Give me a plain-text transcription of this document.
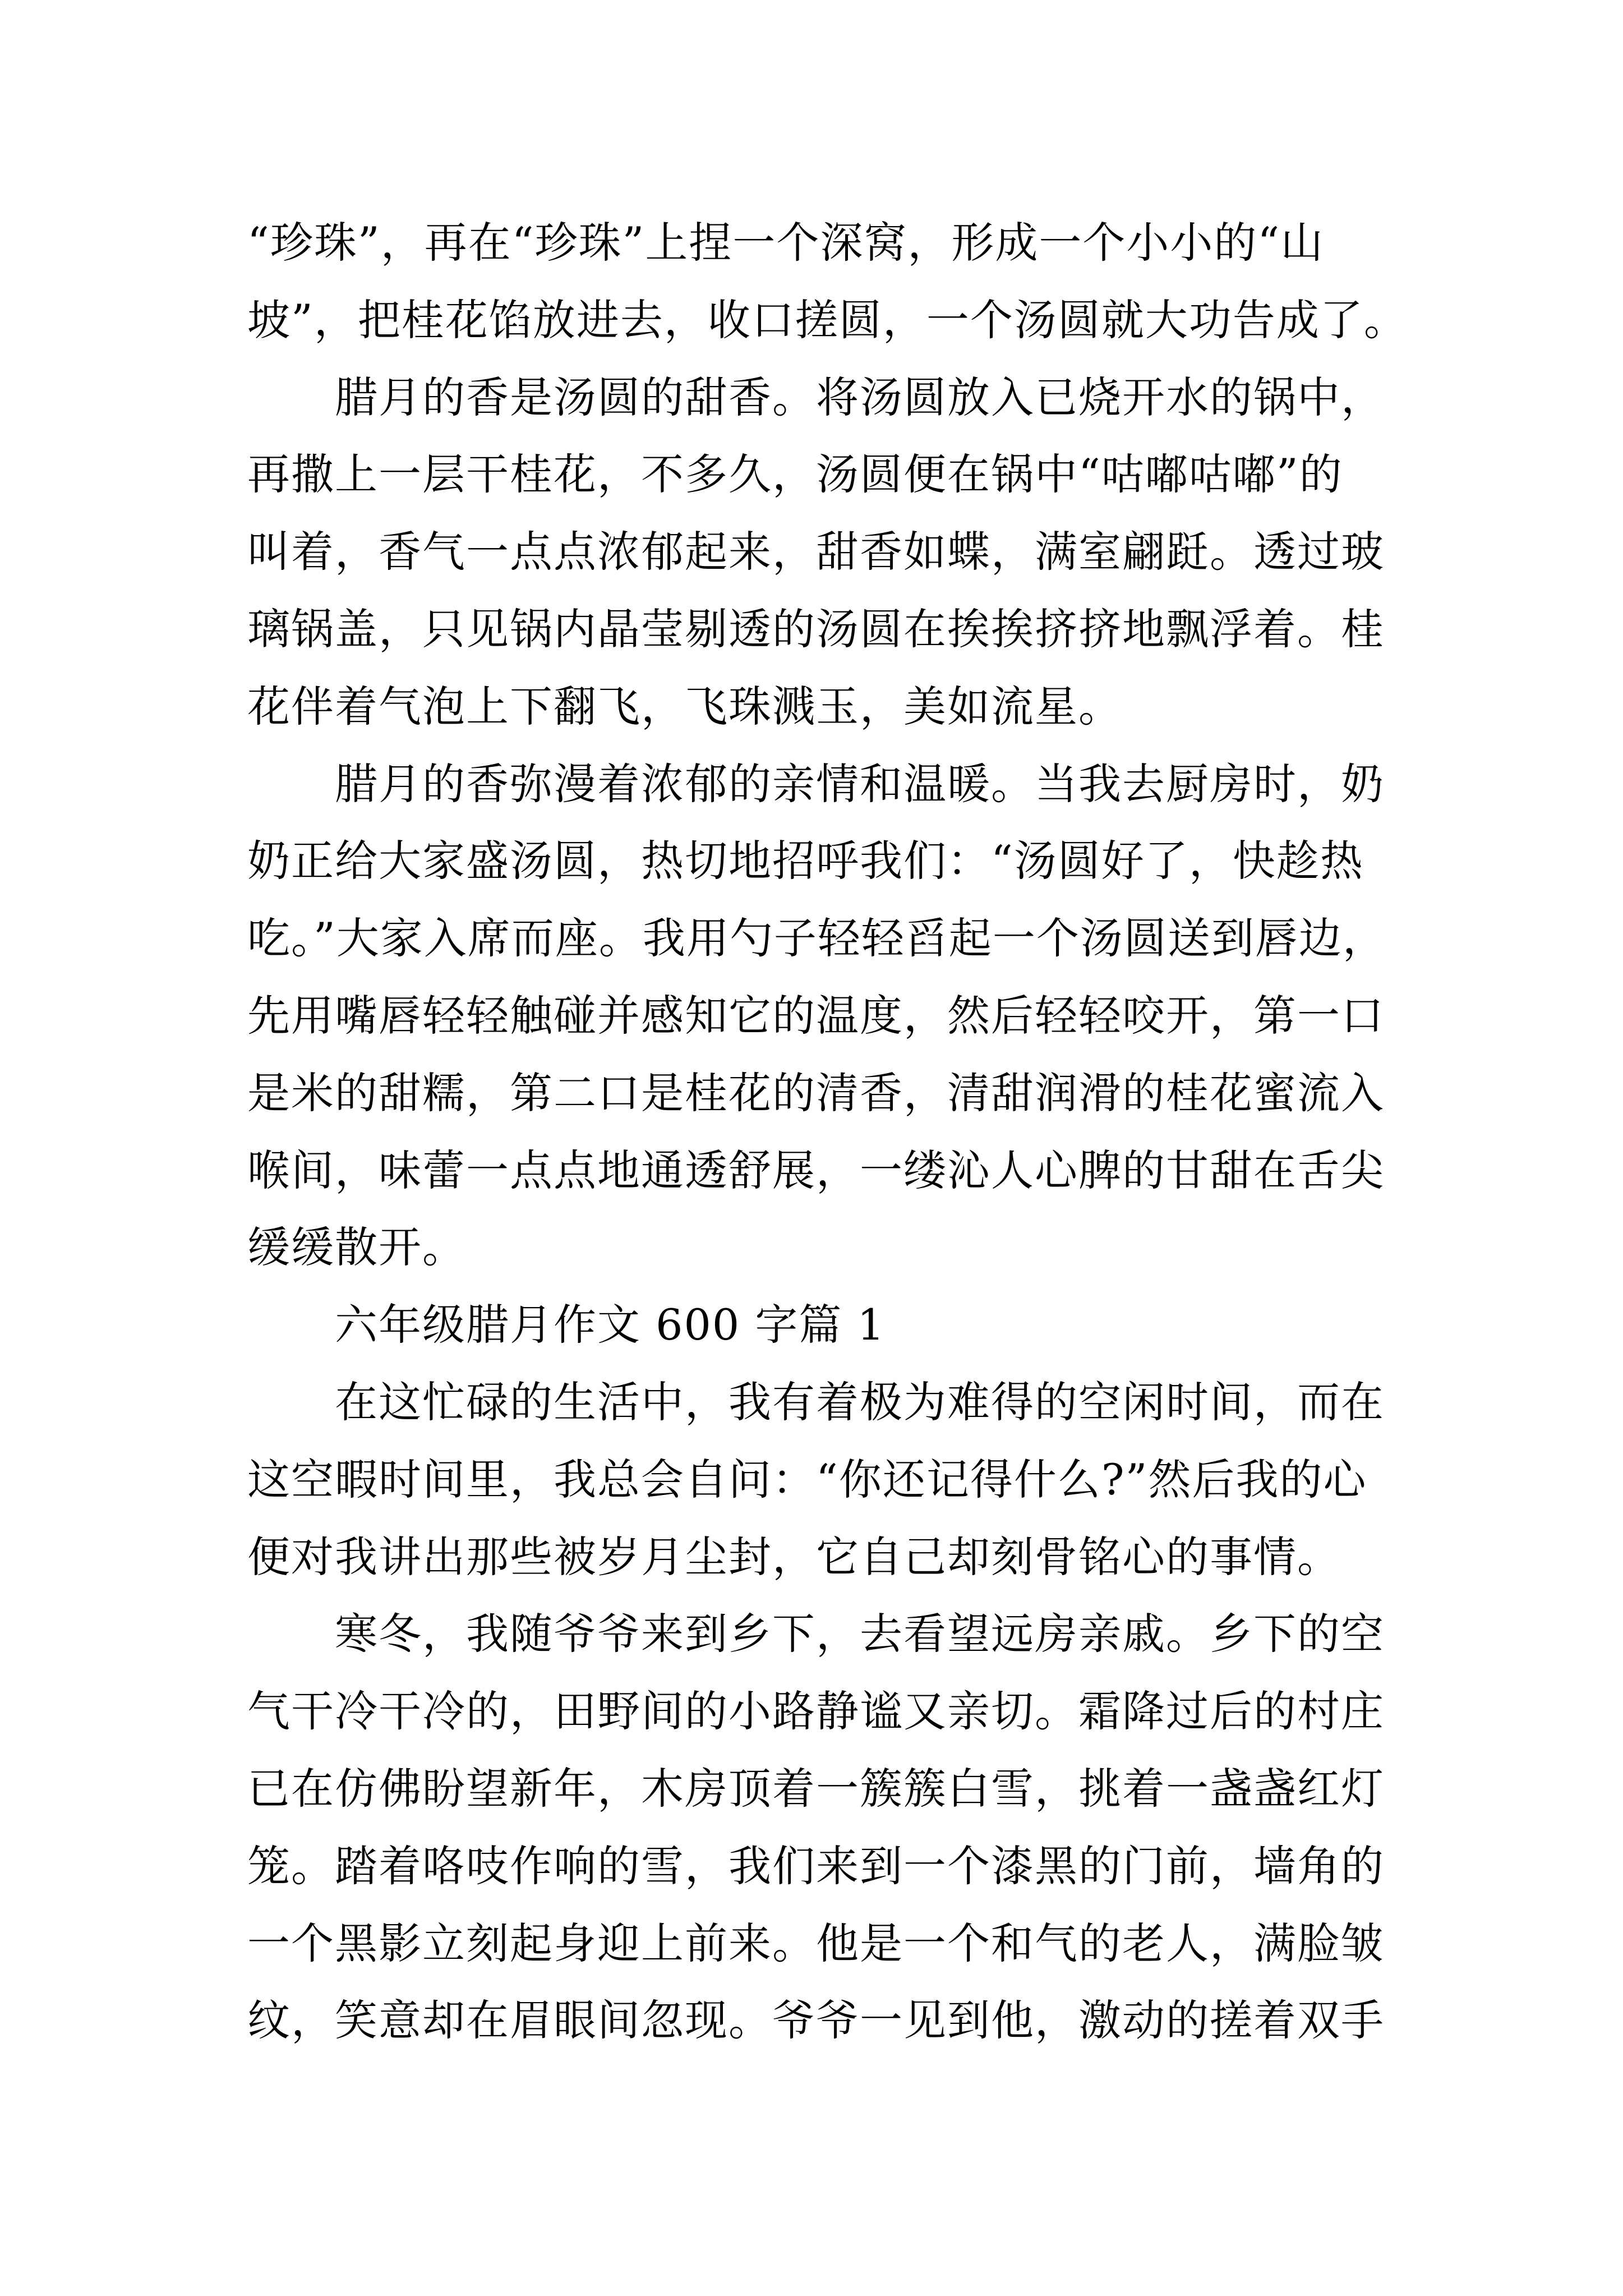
“珍珠”，再在“珍珠”上捏一个深窝，形成一个小小的“山
坡”，把桂花馅放进去，收口搓圆，一个汤圆就大功告成了。
腊月的香是汤圆的甜香。将汤圆放入已烧开水的锅中，
再撒上一层干桂花，不多久，汤圆便在锅中“咕嘟咕嘟”的
叫着，香气一点点浓郁起来，甜香如蝶，满室翩跹。透过玻
璃锅盖，只见锅内晶莹剔透的汤圆在挨挨挤挤地飘浮着。桂
花伴着气泡上下翻飞，飞珠溅玉，美如流星。
腊月的香弥漫着浓郁的亲情和温暖。当我去厨房时，奶
奶正给大家盛汤圆，热切地招呼我们：“汤圆好了，快趁热
吃。”大家入席而座。我用勺子轻轻舀起一个汤圆送到唇边，
先用嘴唇轻轻触碰并感知它的温度，然后轻轻咬开，第一口
是米的甜糯，第二口是桂花的清香，清甜润滑的桂花蜜流入
喉间，味蕾一点点地通透舒展，一缕沁人心脾的甘甜在舌尖
缓缓散开。
六年级腊月作文 600 字篇 1
在这忙碌的生活中，我有着极为难得的空闲时间，而在
这空暇时间里，我总会自问：“你还记得什么?”然后我的心
便对我讲出那些被岁月尘封，它自己却刻骨铭心的事情。
寒冬，我随爷爷来到乡下，去看望远房亲戚。乡下的空
气干冷干冷的，田野间的小路静谧又亲切。霜降过后的村庄
已在仿佛盼望新年，木房顶着一簇簇白雪，挑着一盏盏红灯
笼。踏着咯吱作响的雪，我们来到一个漆黑的门前，墙角的
一个黑影立刻起身迎上前来。他是一个和气的老人，满脸皱
纹，笑意却在眉眼间忽现。爷爷一见到他，激动的搓着双手
